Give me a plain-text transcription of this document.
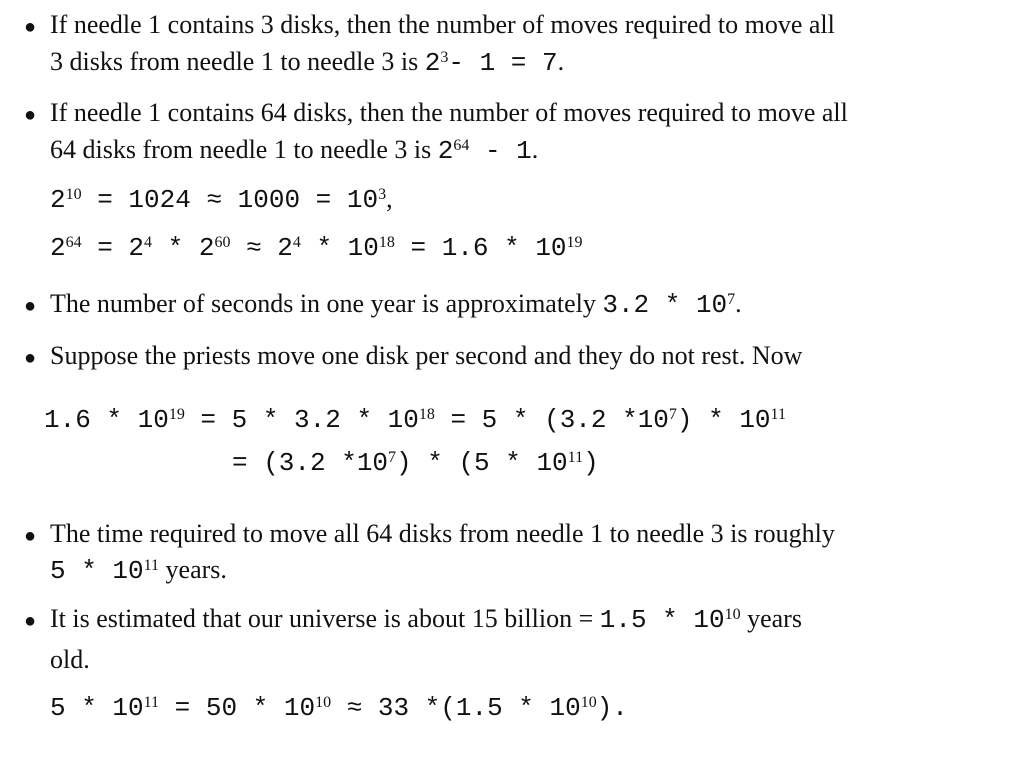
● If needle 1 contains 3 disks, then the number of moves required to move all
3 disks from needle 1 to needle 3 is $2^3-$ 1 = 7.
● If needle 1 contains 64 disks, then the number of moves required to move all
64 disks from needle 1 to needle 3 is $2^{64} - 1$.
$2^{10} = 1024 \approx 1000 = 10^3$,
$2^{64} = 2^4 * 2^{60} \approx 2^4 * 10^{18} = 1.6 * 10^{19}$
● The number of seconds in one year is approximately $3.2 * 10^7$.
● Suppose the priests move one disk per second and they do not rest. Now
$1.6 * 10^{19} = 5 * 3.2 * 10^{18} = 5 * (3.2$ $*10^7) * 10^{11}$
= (3.2 $*10^7) * (5 * 10^{11})$
● The time required to move all 64 disks from needle 1 to needle 3 is roughly
$5 * 10^{11}$ years.
● It is estimated that our universe is about 15 billion = $1.5 * 10^{10}$ years
old.
$5 * 10^{11} = 50 * 10^{10} \approx 33$ $*(1.5 * 10^{10})$.
